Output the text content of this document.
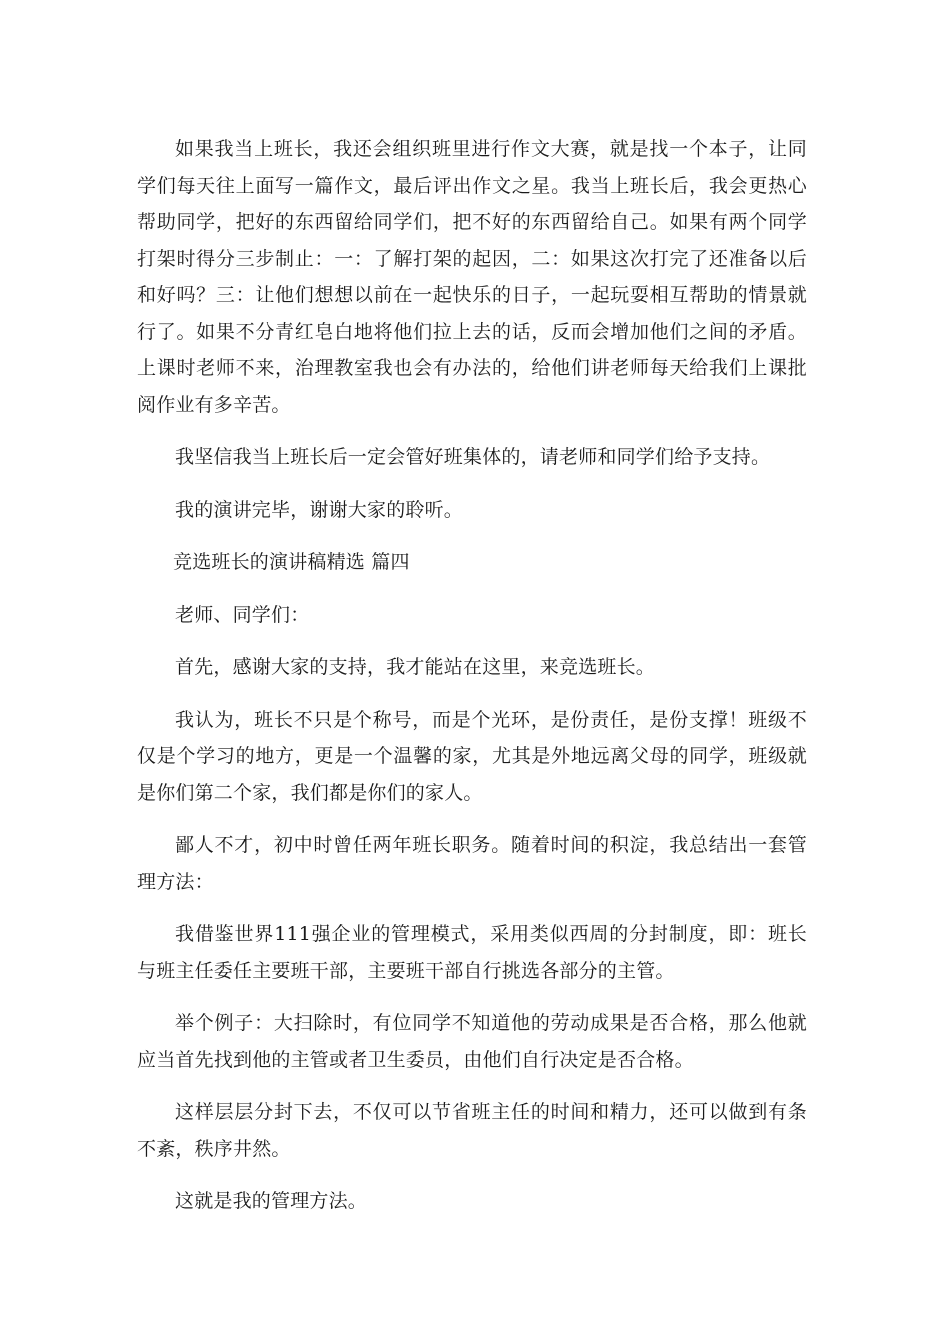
如果我当上班长，我还会组织班里进行作文大赛，就是找一个本子，让同学们每天往上面写一篇作文，最后评出作文之星。我当上班长后，我会更热心帮助同学，把好的东西留给同学们，把不好的东西留给自己。如果有两个同学打架时得分三步制止：一：了解打架的起因，二：如果这次打完了还准备以后和好吗？三：让他们想想以前在一起快乐的日子，一起玩耍相互帮助的情景就行了。如果不分青红皂白地将他们拉上去的话，反而会增加他们之间的矛盾。上课时老师不来，治理教室我也会有办法的，给他们讲老师每天给我们上课批阅作业有多辛苦。

我坚信我当上班长后一定会管好班集体的，请老师和同学们给予支持。

我的演讲完毕，谢谢大家的聆听。

竞选班长的演讲稿精选 篇四

老师、同学们：

首先，感谢大家的支持，我才能站在这里，来竞选班长。

我认为，班长不只是个称号，而是个光环，是份责任，是份支撑！班级不仅是个学习的地方，更是一个温馨的家，尤其是外地远离父母的同学，班级就是你们第二个家，我们都是你们的家人。

鄙人不才，初中时曾任两年班长职务。随着时间的积淀，我总结出一套管理方法：

我借鉴世界111强企业的管理模式，采用类似西周的分封制度，即：班长与班主任委任主要班干部，主要班干部自行挑选各部分的主管。

举个例子：大扫除时，有位同学不知道他的劳动成果是否合格，那么他就应当首先找到他的主管或者卫生委员，由他们自行决定是否合格。

这样层层分封下去，不仅可以节省班主任的时间和精力，还可以做到有条不紊，秩序井然。

这就是我的管理方法。
